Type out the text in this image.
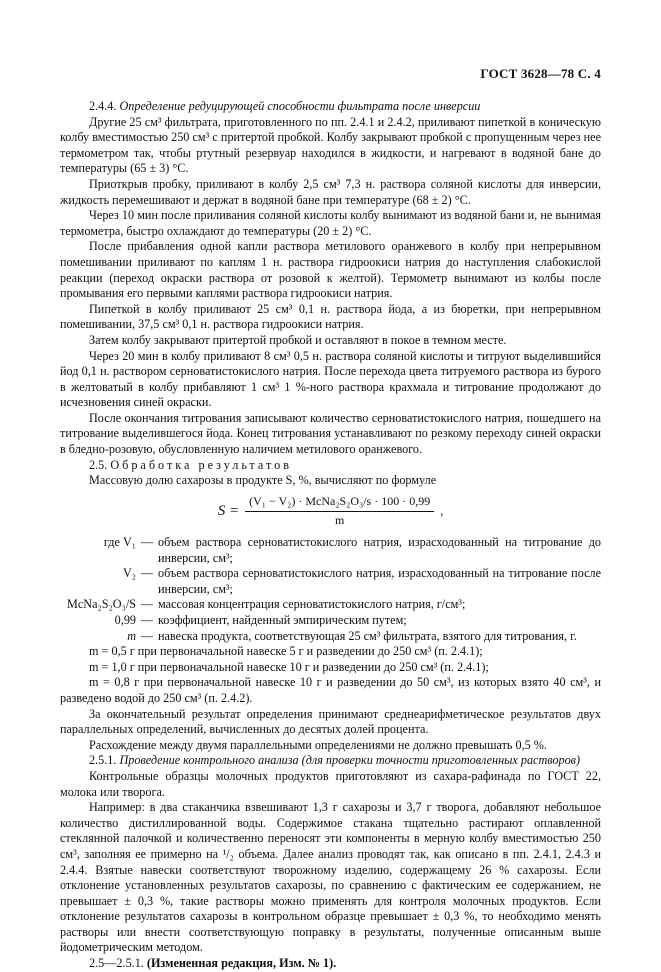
ГОСТ 3628—78 С. 4

2.4.4. Определение редуцирующей способности фильтрата после инверсии

Другие 25 см³ фильтрата, приготовленного по пп. 2.4.1 и 2.4.2, приливают пипеткой в коническую колбу вместимостью 250 см³ с притертой пробкой. Колбу закрывают пробкой с пропущенным через нее термометром так, чтобы ртутный резервуар находился в жидкости, и нагревают в водяной бане до температуры (65 ± 3) °С.

Приоткрыв пробку, приливают в колбу 2,5 см³ 7,3 н. раствора соляной кислоты для инверсии, жидкость перемешивают и держат в водяной бане при температуре (68 ± 2) °С.

Через 10 мин после приливания соляной кислоты колбу вынимают из водяной бани и, не вынимая термометра, быстро охлаждают до температуры (20 ± 2) °С.

После прибавления одной капли раствора метилового оранжевого в колбу при непрерывном помешивании приливают по каплям 1 н. раствора гидроокиси натрия до наступления слабокислой реакции (переход окраски раствора от розовой к желтой). Термометр вынимают из колбы после промывания его первыми каплями раствора гидроокиси натрия.

Пипеткой в колбу приливают 25 см³ 0,1 н. раствора йода, а из бюретки, при непрерывном помешивании, 37,5 см³ 0,1 н. раствора гидроокиси натрия.

Затем колбу закрывают притертой пробкой и оставляют в покое в темном месте.

Через 20 мин в колбу приливают 8 см³ 0,5 н. раствора соляной кислоты и титруют выделившийся йод 0,1 н. раствором серноватистокислого натрия. После перехода цвета титруемого раствора из бурого в желтоватый в колбу прибавляют 1 см³ 1 %-ного раствора крахмала и титрование продолжают до исчезновения синей окраски.

После окончания титрования записывают количество серноватистокислого натрия, пошедшего на титрование выделившегося йода. Конец титрования устанавливают по резкому переходу синей окраски в бледно-розовую, обусловленную наличием метилового оранжевого.

2.5. Обработка результатов

Массовую долю сахарозы в продукте S, %, вычисляют по формуле

$S = \frac{\text{(V₁ − V₂) · McNa₂S₂O₃/s · 100 · 0,99}}{m}$ ,
где V₁ — объем раствора серноватистокислого натрия, израсходованный на титрование до инверсии, см³;
V₂ — объем раствора серноватистокислого натрия, израсходованный на титрование после инверсии, см³;
McNa₂S₂O₃/S — массовая концентрация серноватистокислого натрия, г/см³;
0,99 — коэффициент, найденный эмпирическим путем;
m — навеска продукта, соответствующая 25 см³ фильтрата, взятого для титрования, г.

m = 0,5 г при первоначальной навеске 5 г и разведении до 250 см³ (п. 2.4.1);

m = 1,0 г при первоначальной навеске 10 г и разведении до 250 см³ (п. 2.4.1);

m = 0,8 г при первоначальной навеске 10 г и разведении до 50 см³, из которых взято 40 см³, и разведено водой до 250 см³ (п. 2.4.2).

За окончательный результат определения принимают среднеарифметическое результатов двух параллельных определений, вычисленных до десятых долей процента.

Расхождение между двумя параллельными определениями не должно превышать 0,5 %.

2.5.1. Проведение контрольного анализа (для проверки точности приготовленных растворов)

Контрольные образцы молочных продуктов приготовляют из сахара-рафинада по ГОСТ 22, молока или творога.

Например: в два стаканчика взвешивают 1,3 г сахарозы и 3,7 г творога, добавляют небольшое количество дистиллированной воды. Содержимое стакана тщательно растирают оплавленной стеклянной палочкой и количественно переносят эти компоненты в мерную колбу вместимостью 250 см³, заполняя ее примерно на ¹/₂ объема. Далее анализ проводят так, как описано в пп. 2.4.1, 2.4.3 и 2.4.4. Взятые навески соответствуют творожному изделию, содержащему 26 % сахарозы. Если отклонение установленных результатов сахарозы, по сравнению с фактическим ее содержанием, не превышает ± 0,3 %, такие растворы можно применять для контроля молочных продуктов. Если отклонение результатов сахарозы в контрольном образце превышает ± 0,3 %, то необходимо менять растворы или внести соответствующую поправку в результаты, полученные описанным выше йодометрическим методом.

2.5—2.5.1. (Измененная редакция, Изм. № 1).
